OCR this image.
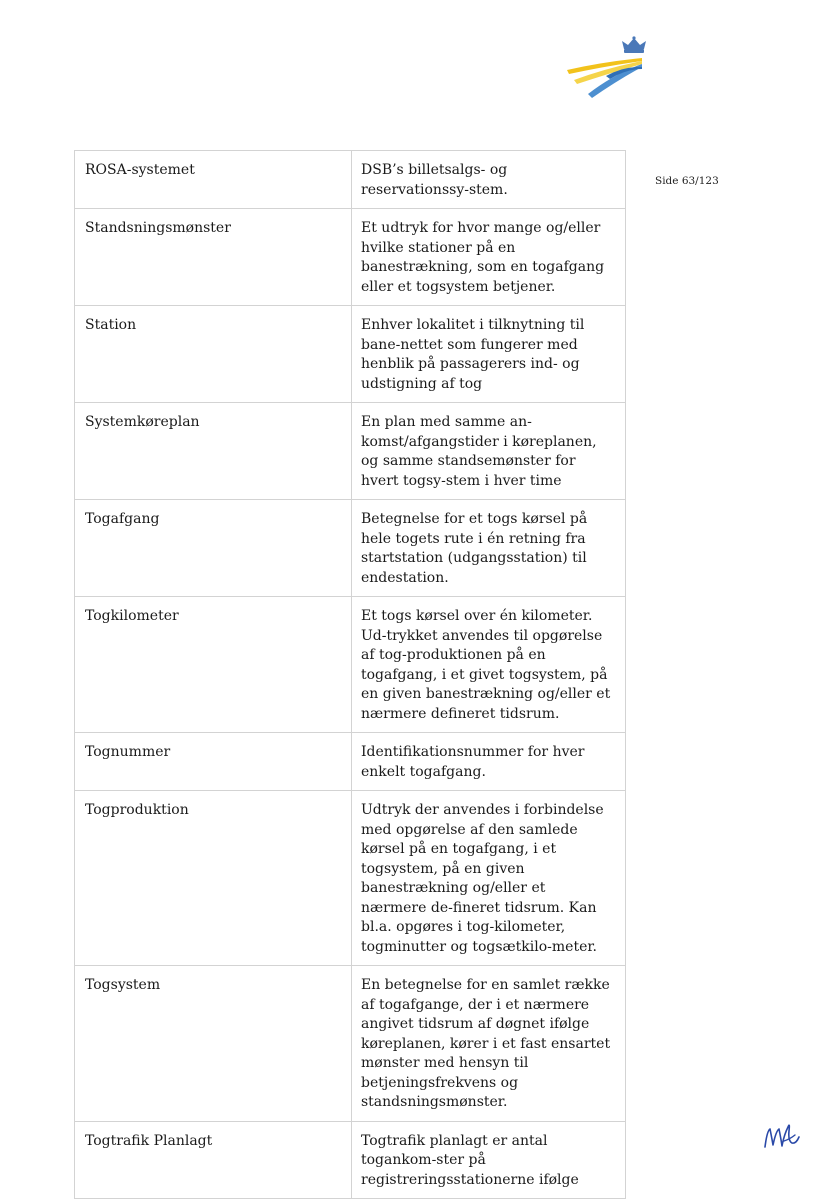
Side 63/123
ROSA-systemet	DSB’s billetsalgs- og reservationssy-stem.
Standsningsmønster	Et udtryk for hvor mange og/eller hvilke stationer på en banestrækning, som en togafgang eller et togsystem betjener.
Station	Enhver lokalitet i tilknytning til bane-nettet som fungerer med henblik på passagerers ind- og udstigning af tog
Systemkøreplan	En plan med samme an-komst/afgangstider i køreplanen, og samme standsemønster for hvert togsy-stem i hver time
Togafgang	Betegnelse for et togs kørsel på hele togets rute i én retning fra startstation (udgangsstation) til endestation.
Togkilometer	Et togs kørsel over én kilometer. Ud-trykket anvendes til opgørelse af tog-produktionen på en togafgang, i et givet togsystem, på en given banestrækning og/eller et nærmere defineret tidsrum.
Tognummer	Identifikationsnummer for hver enkelt togafgang.
Togproduktion	Udtryk der anvendes i forbindelse med opgørelse af den samlede kørsel på en togafgang, i et togsystem, på en given banestrækning og/eller et nærmere de-fineret tidsrum. Kan bl.a. opgøres i tog-kilometer, togminutter og togsætkilo-meter.
Togsystem	En betegnelse for en samlet række af togafgange, der i et nærmere angivet tidsrum af døgnet ifølge køreplanen, kører i et fast ensartet mønster med hensyn til betjeningsfrekvens og standsningsmønster.
Togtrafik Planlagt	Togtrafik planlagt er antal togankom-ster på registreringsstationerne ifølge
